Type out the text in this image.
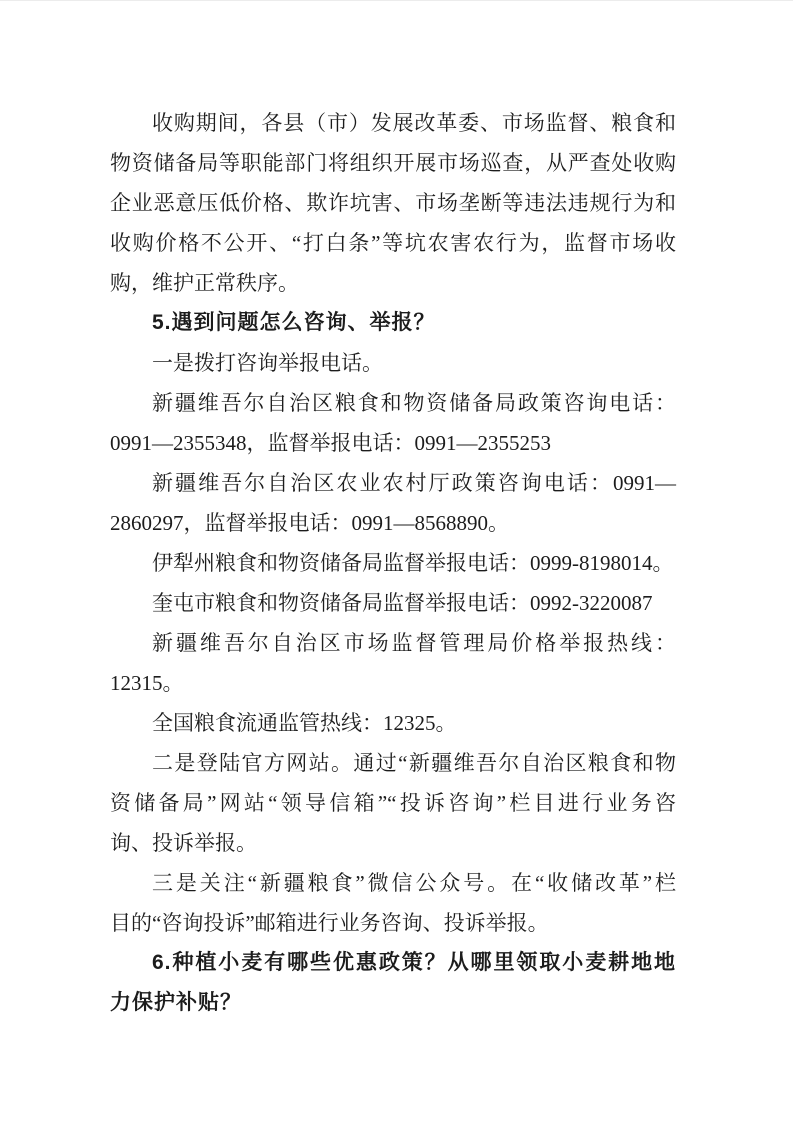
收购期间，各县（市）发展改革委、市场监督、粮食和
物资储备局等职能部门将组织开展市场巡查，从严查处收购
企业恶意压低价格、欺诈坑害、市场垄断等违法违规行为和
收购价格不公开、“打白条”等坑农害农行为，监督市场收
购，维护正常秩序。
5.遇到问题怎么咨询、举报？
一是拨打咨询举报电话。
新疆维吾尔自治区粮食和物资储备局政策咨询电话：
0991—2355348，监督举报电话：0991—2355253
新疆维吾尔自治区农业农村厅政策咨询电话：0991—
2860297，监督举报电话：0991—8568890。
伊犁州粮食和物资储备局监督举报电话：0999-8198014。
奎屯市粮食和物资储备局监督举报电话：0992-3220087
新疆维吾尔自治区市场监督管理局价格举报热线：
12315。
全国粮食流通监管热线：12325。
二是登陆官方网站。通过“新疆维吾尔自治区粮食和物
资储备局”网站“领导信箱”“投诉咨询”栏目进行业务咨
询、投诉举报。
三是关注“新疆粮食”微信公众号。在“收储改革”栏
目的“咨询投诉”邮箱进行业务咨询、投诉举报。
6.种植小麦有哪些优惠政策？从哪里领取小麦耕地地
力保护补贴？
